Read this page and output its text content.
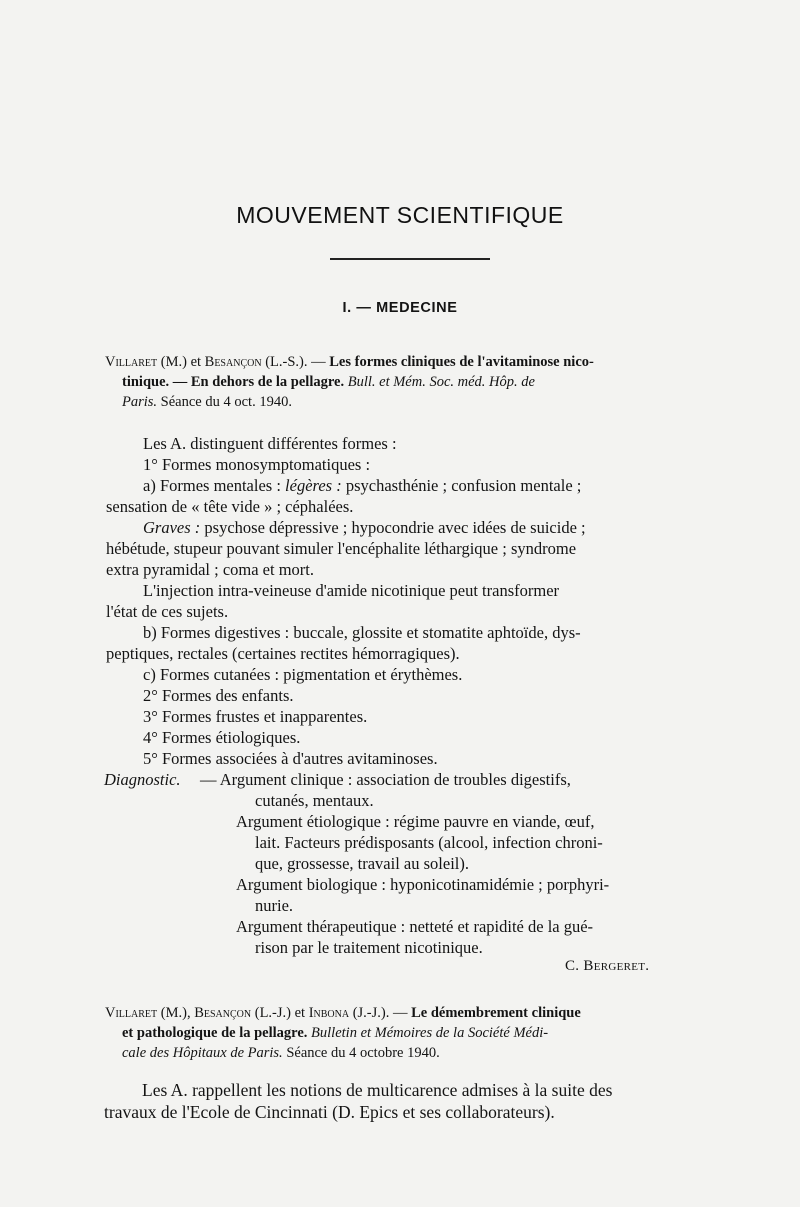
MOUVEMENT SCIENTIFIQUE
I. — MEDECINE
Villaret (M.) et Besançon (L.-S.). — Les formes cliniques de l'avitaminose nico-
tinique. — En dehors de la pellagre. Bull. et Mém. Soc. méd. Hôp. de
Paris. Séance du 4 oct. 1940.
Les A. distinguent différentes formes :
1° Formes monosymptomatiques :
a) Formes mentales : légères : psychasthénie ; confusion mentale ;
sensation de « tête vide » ; céphalées.
Graves : psychose dépressive ; hypocondrie avec idées de suicide ;
hébétude, stupeur pouvant simuler l'encéphalite léthargique ; syndrome
extra pyramidal ; coma et mort.
L'injection intra-veineuse d'amide nicotinique peut transformer
l'état de ces sujets.
b) Formes digestives : buccale, glossite et stomatite aphtoïde, dys-
peptiques, rectales (certaines rectites hémorragiques).
c) Formes cutanées : pigmentation et érythèmes.
2° Formes des enfants.
3° Formes frustes et inapparentes.
4° Formes étiologiques.
5° Formes associées à d'autres avitaminoses.
Diagnostic. — Argument clinique : association de troubles digestifs,
cutanés, mentaux.
Argument étiologique : régime pauvre en viande, œuf,
lait. Facteurs prédisposants (alcool, infection chroni-
que, grossesse, travail au soleil).
Argument biologique : hyponicotinamidémie ; porphyri-
nurie.
Argument thérapeutique : netteté et rapidité de la gué-
rison par le traitement nicotinique.
C. Bergeret.
Villaret (M.), Besançon (L.-J.) et Inbona (J.-J.). — Le démembrement clinique
et pathologique de la pellagre. Bulletin et Mémoires de la Société Médi-
cale des Hôpitaux de Paris. Séance du 4 octobre 1940.
Les A. rappellent les notions de multicarence admises à la suite des
travaux de l'Ecole de Cincinnati (D. Epics et ses collaborateurs).
